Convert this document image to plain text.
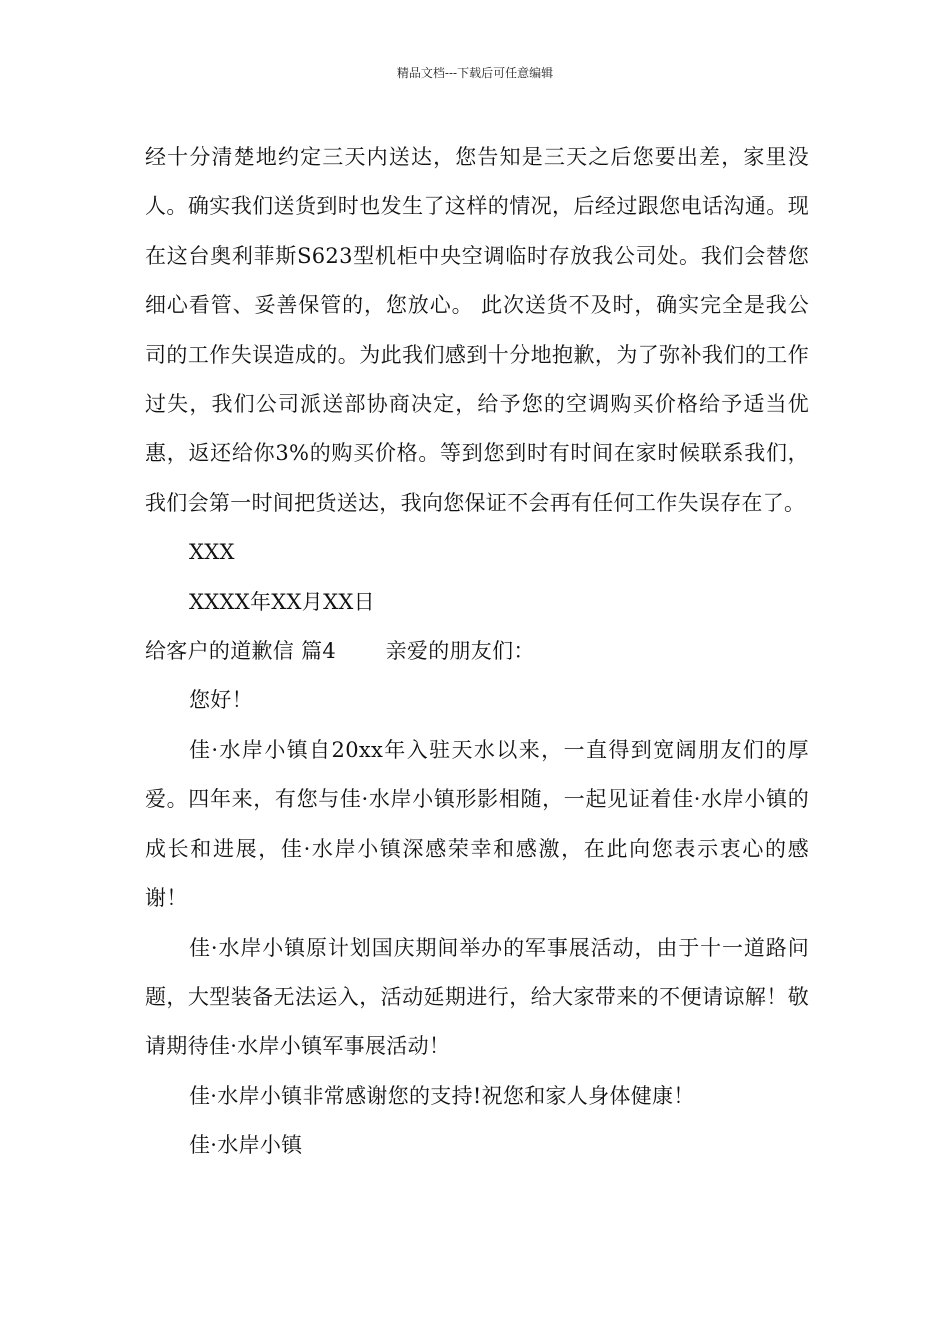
精品文档---下载后可任意编辑

经十分清楚地约定三天内送达，您告知是三天之后您要出差，家里没人。确实我们送货到时也发生了这样的情况，后经过跟您电话沟通。现在这台奥利菲斯S623型机柜中央空调临时存放我公司处。我们会替您细心看管、妥善保管的，您放心。 此次送货不及时，确实完全是我公司的工作失误造成的。为此我们感到十分地抱歉，为了弥补我们的工作过失，我们公司派送部协商决定，给予您的空调购买价格给予适当优惠，返还给你3%的购买价格。等到您到时有时间在家时候联系我们，我们会第一时间把货送达，我向您保证不会再有任何工作失误存在了。

XXX

XXXX年XX月XX日

给客户的道歉信 篇4　　 亲爱的朋友们：

您好！

佳·水岸小镇自20xx年入驻天水以来，一直得到宽阔朋友们的厚爱。四年来，有您与佳·水岸小镇形影相随，一起见证着佳·水岸小镇的成长和进展，佳·水岸小镇深感荣幸和感激，在此向您表示衷心的感谢！

佳·水岸小镇原计划国庆期间举办的军事展活动，由于十一道路问题，大型装备无法运入，活动延期进行，给大家带来的不便请谅解！敬请期待佳·水岸小镇军事展活动！

佳·水岸小镇非常感谢您的支持!祝您和家人身体健康！

佳·水岸小镇
